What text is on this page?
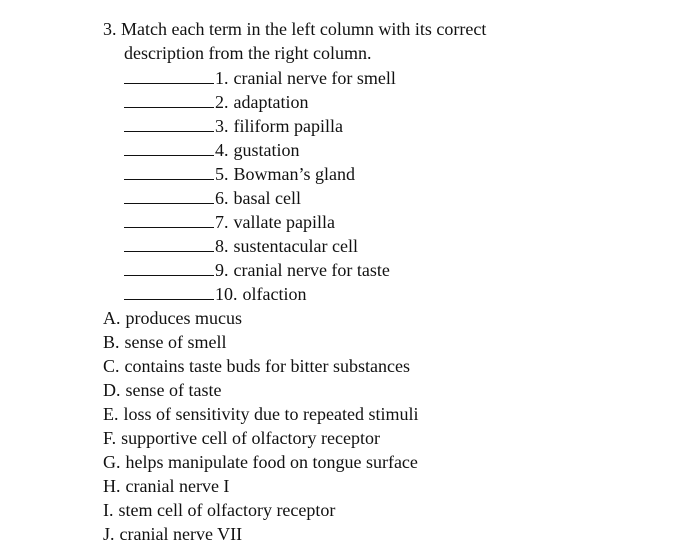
3. Match each term in the left column with its correct
description from the right column.
1. cranial nerve for smell
2. adaptation
3. filiform papilla
4. gustation
5. Bowman’s gland
6. basal cell
7. vallate papilla
8. sustentacular cell
9. cranial nerve for taste
10. olfaction
A. produces mucus
B. sense of smell
C. contains taste buds for bitter substances
D. sense of taste
E. loss of sensitivity due to repeated stimuli
F. supportive cell of olfactory receptor
G. helps manipulate food on tongue surface
H. cranial nerve I
I. stem cell of olfactory receptor
J. cranial nerve VII
